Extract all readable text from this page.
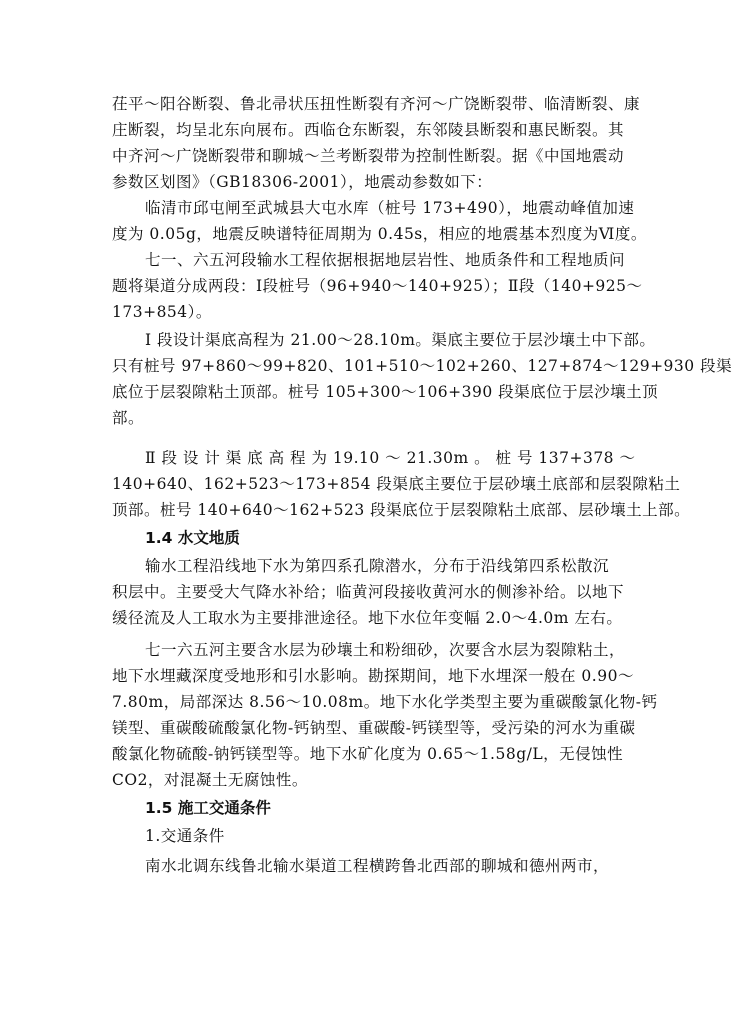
茌平～阳谷断裂、鲁北帚状压扭性断裂有齐河～广饶断裂带、临清断裂、康
庄断裂，均呈北东向展布。西临仓东断裂，东邻陵县断裂和惠民断裂。其
中齐河～广饶断裂带和聊城～兰考断裂带为控制性断裂。据《中国地震动
参数区划图》（GB18306-2001），地震动参数如下：
临清市邱屯闸至武城县大屯水库（桩号 173+490），地震动峰值加速
度为 0.05g，地震反映谱特征周期为 0.45s，相应的地震基本烈度为Ⅵ度。
七一、六五河段输水工程依据根据地层岩性、地质条件和工程地质问
题将渠道分成两段：Ⅰ段桩号（96+940～140+925）；Ⅱ段（140+925～
173+854）。
Ⅰ 段设计渠底高程为 21.00～28.10m。渠底主要位于层沙壤土中下部。
只有桩号 97+860～99+820、101+510～102+260、127+874～129+930 段渠
底位于层裂隙粘土顶部。桩号 105+300～106+390 段渠底位于层沙壤土顶
部。
Ⅱ 段 设 计 渠 底 高 程 为 19.10 ～ 21.30m 。 桩 号 137+378 ～
140+640、162+523～173+854 段渠底主要位于层砂壤土底部和层裂隙粘土
顶部。桩号 140+640～162+523 段渠底位于层裂隙粘土底部、层砂壤土上部。
1.4 水文地质
输水工程沿线地下水为第四系孔隙潜水，分布于沿线第四系松散沉
积层中。主要受大气降水补给；临黄河段接收黄河水的侧渗补给。以地下
缓径流及人工取水为主要排泄途径。地下水位年变幅 2.0～4.0m 左右。
七一六五河主要含水层为砂壤土和粉细砂，次要含水层为裂隙粘土，
地下水埋藏深度受地形和引水影响。勘探期间，地下水埋深一般在 0.90～
7.80m，局部深达 8.56～10.08m。地下水化学类型主要为重碳酸氯化物-钙
镁型、重碳酸硫酸氯化物-钙钠型、重碳酸-钙镁型等，受污染的河水为重碳
酸氯化物硫酸-钠钙镁型等。地下水矿化度为 0.65～1.58g/L，无侵蚀性
CO2，对混凝土无腐蚀性。
1.5 施工交通条件
1.交通条件
南水北调东线鲁北输水渠道工程横跨鲁北西部的聊城和德州两市，
